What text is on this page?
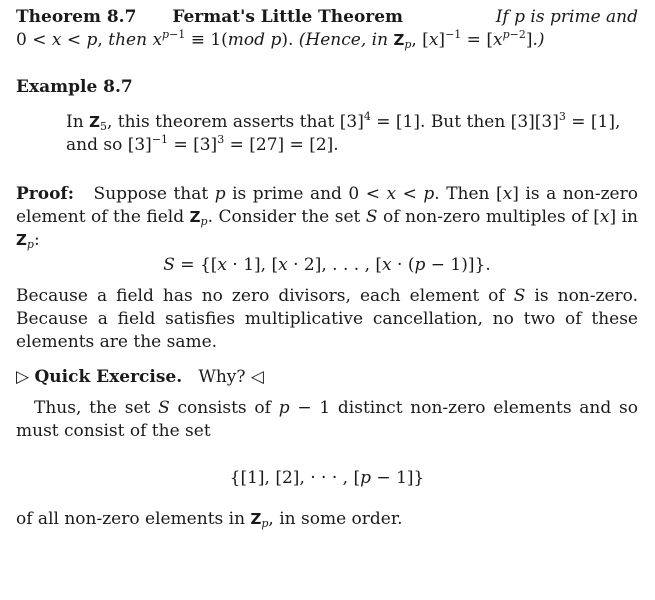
Theorem 8.7 Fermat's Little Theorem	If p is prime and
0 < x < p, then $x^{p-1} \equiv 1(mod$ p). (Hence, in $Z_p$, $[x]^{-1} = [x^{p-2}]$.)
Example 8.7
In $Z_5$, this theorem asserts that $[3]^4 = [1]$. But then $[3][3]^3 = [1]$,
and so $[3]^{-1} = [3]^3 = [27] = [2]$.

Proof:   Suppose that p is prime and 0 < x < p. Then [x] is a non-zero element of the field $Z_p$. Consider the set S of non-zero multiples of [x] in $Z_p$:

S = {[x · 1], [x · 2], . . . , [x · (p − 1)]}.

Because a field has no zero divisors, each element of S is non-zero. Because a field satisfies multiplicative cancellation, no two of these elements are the same.

▷ Quick Exercise. Why? ◁

Thus, the set S consists of p − 1 distinct non-zero elements and so must consist of the set

{[1], [2], · · · , [p − 1]}

of all non-zero elements in $Z_p$, in some order.
